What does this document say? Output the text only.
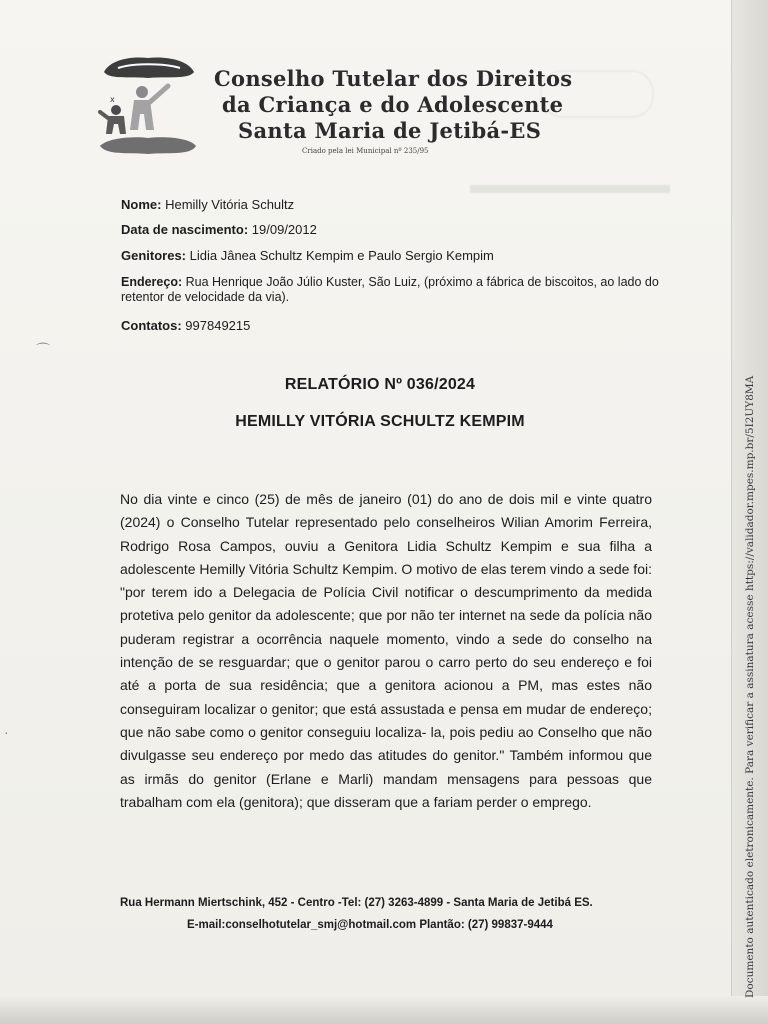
x
Conselho Tutelar dos Direitos
da Criança e do Adolescente
Santa Maria de Jetibá-ES
Criado pela lei Municipal nº 235/95
Nome: Hemilly Vitória Schultz
Data de nascimento: 19/09/2012
Genitores: Lidia Jânea Schultz Kempim e Paulo Sergio Kempim
Endereço: Rua Henrique João Júlio Kuster, São Luiz, (próximo a fábrica de biscoitos, ao lado do retentor de velocidade da via).
Contatos: 997849215
RELATÓRIO Nº 036/2024
HEMILLY VITÓRIA SCHULTZ KEMPIM
No dia vinte e cinco (25) de mês de janeiro (01) do ano de dois mil e vinte quatro (2024) o Conselho Tutelar representado pelo conselheiros Wilian Amorim Ferreira, Rodrigo Rosa Campos, ouviu a Genitora Lidia Schultz Kempim e sua filha a adolescente Hemilly Vitória Schultz Kempim. O motivo de elas terem vindo a sede foi: "por terem ido a Delegacia de Polícia Civil notificar o descumprimento da medida protetiva pelo genitor da adolescente; que por não ter internet na sede da polícia não puderam registrar a ocorrência naquele momento, vindo a sede do conselho na intenção de se resguardar; que o genitor parou o carro perto do seu endereço e foi até a porta de sua residência; que a genitora acionou a PM, mas estes não conseguiram localizar o genitor; que está assustada e pensa em mudar de endereço; que não sabe como o genitor conseguiu localiza- la, pois pediu ao Conselho que não divulgasse seu endereço por medo das atitudes do genitor." Também informou que as irmãs do genitor (Erlane e Marli) mandam mensagens para pessoas que trabalham com ela (genitora); que disseram que a fariam perder o emprego.
Rua Hermann Miertschink, 452 - Centro -Tel: (27) 3263-4899 - Santa Maria de Jetibá ES.
E-mail:conselhotutelar_smj@hotmail.com Plantão: (27) 99837-9444	Documento autenticado eletronicamente. Para verificar a assinatura acesse https://validador.mpes.mp.br/5I2UY8MA
⌒
·
